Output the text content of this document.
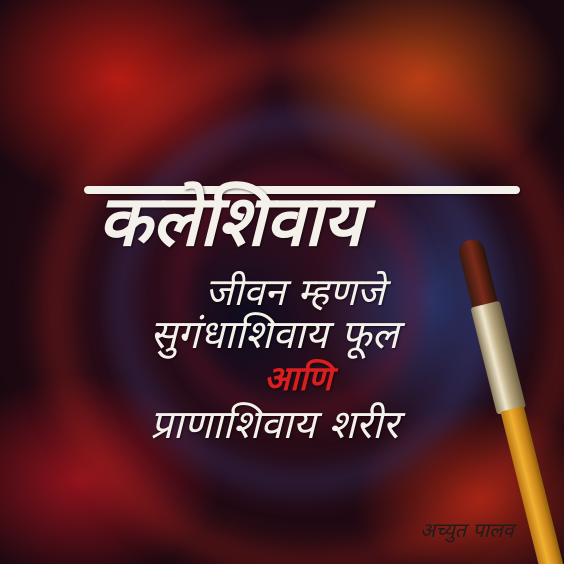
कलेशिवाय
जीवन म्हणजे
सुगंधाशिवाय फूल
आणि
प्राणाशिवाय शरीर
अच्युत पालव
